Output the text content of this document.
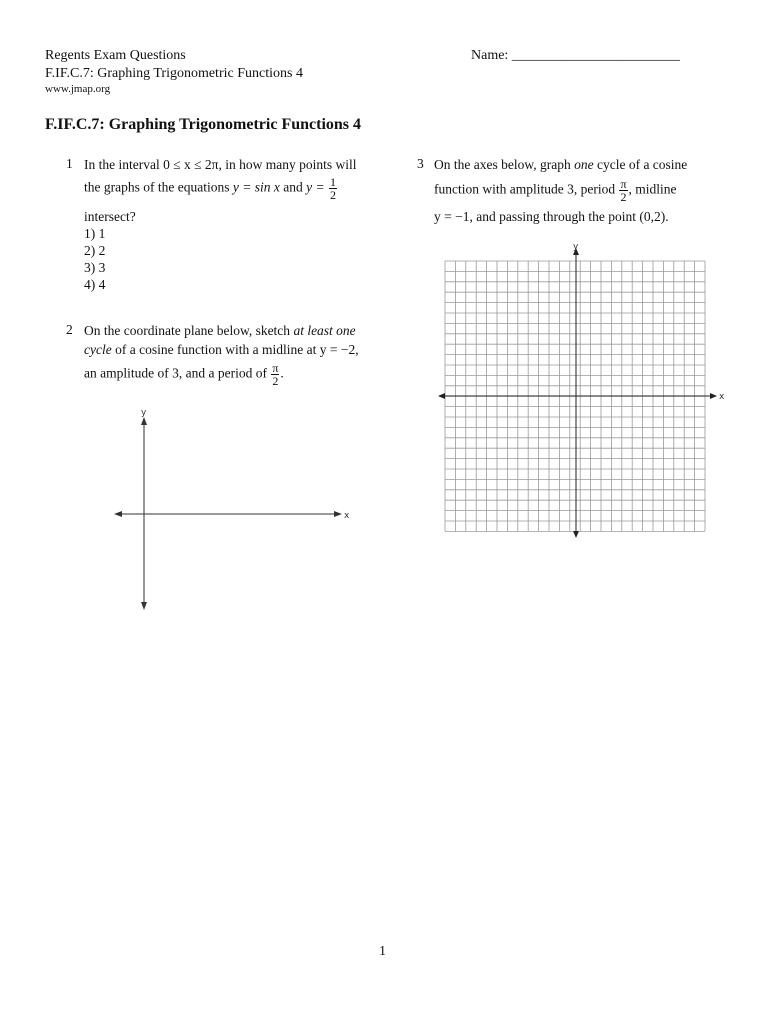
Regents Exam Questions
F.IF.C.7: Graphing Trigonometric Functions 4
www.jmap.org
Name: ________________________
F.IF.C.7: Graphing Trigonometric Functions 4
1 In the interval 0 ≤ x ≤ 2π, in how many points will
the graphs of the equations y = sin x and $y = \frac{1}{2}$
intersect?
1) 1
2) 2
3) 3
4) 4
2 On the coordinate plane below, sketch at least one
cycle of a cosine function with a midline at y = −2,
an amplitude of 3, and a period of $\frac{\pi}{2}$ .
x
y
3 On the axes below, graph one cycle of a cosine
function with amplitude 3, period $\frac{\pi}{2}$ , midline
y = −1, and passing through the point (0,2).
x
y
1
